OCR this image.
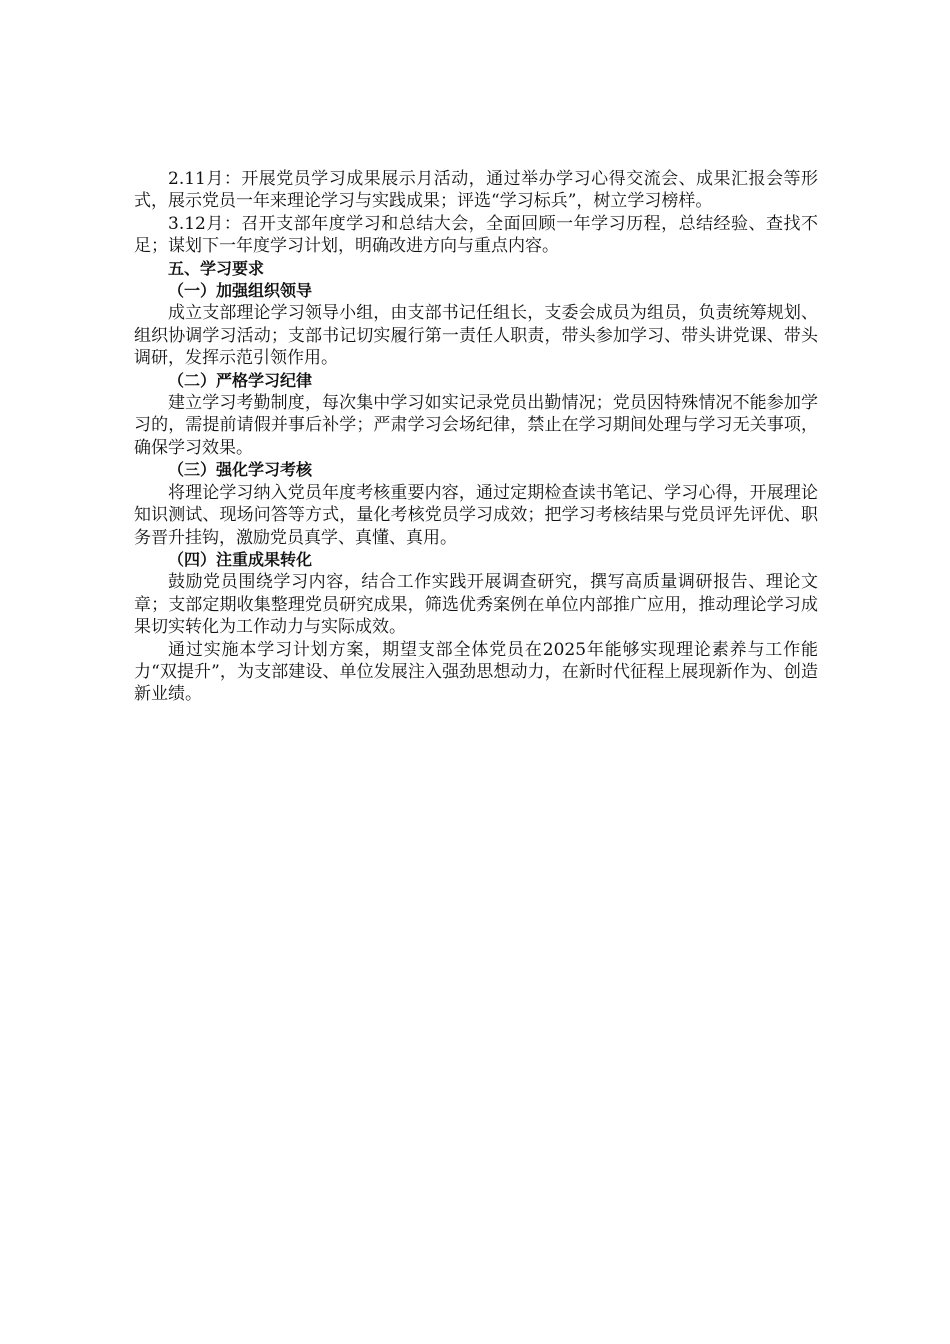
2.11月：开展党员学习成果展示月活动，通过举办学习心得交流会、成果汇报会等形式，展示党员一年来理论学习与实践成果；评选“学习标兵”，树立学习榜样。

3.12月：召开支部年度学习和总结大会，全面回顾一年学习历程，总结经验、查找不足；谋划下一年度学习计划，明确改进方向与重点内容。

五、学习要求

（一）加强组织领导

成立支部理论学习领导小组，由支部书记任组长，支委会成员为组员，负责统筹规划、组织协调学习活动；支部书记切实履行第一责任人职责，带头参加学习、带头讲党课、带头调研，发挥示范引领作用。

（二）严格学习纪律

建立学习考勤制度，每次集中学习如实记录党员出勤情况；党员因特殊情况不能参加学习的，需提前请假并事后补学；严肃学习会场纪律，禁止在学习期间处理与学习无关事项，确保学习效果。

（三）强化学习考核

将理论学习纳入党员年度考核重要内容，通过定期检查读书笔记、学习心得，开展理论知识测试、现场问答等方式，量化考核党员学习成效；把学习考核结果与党员评先评优、职务晋升挂钩，激励党员真学、真懂、真用。

（四）注重成果转化

鼓励党员围绕学习内容，结合工作实践开展调查研究，撰写高质量调研报告、理论文章；支部定期收集整理党员研究成果，筛选优秀案例在单位内部推广应用，推动理论学习成果切实转化为工作动力与实际成效。

通过实施本学习计划方案，期望支部全体党员在2025年能够实现理论素养与工作能力“双提升”，为支部建设、单位发展注入强劲思想动力，在新时代征程上展现新作为、创造新业绩。
